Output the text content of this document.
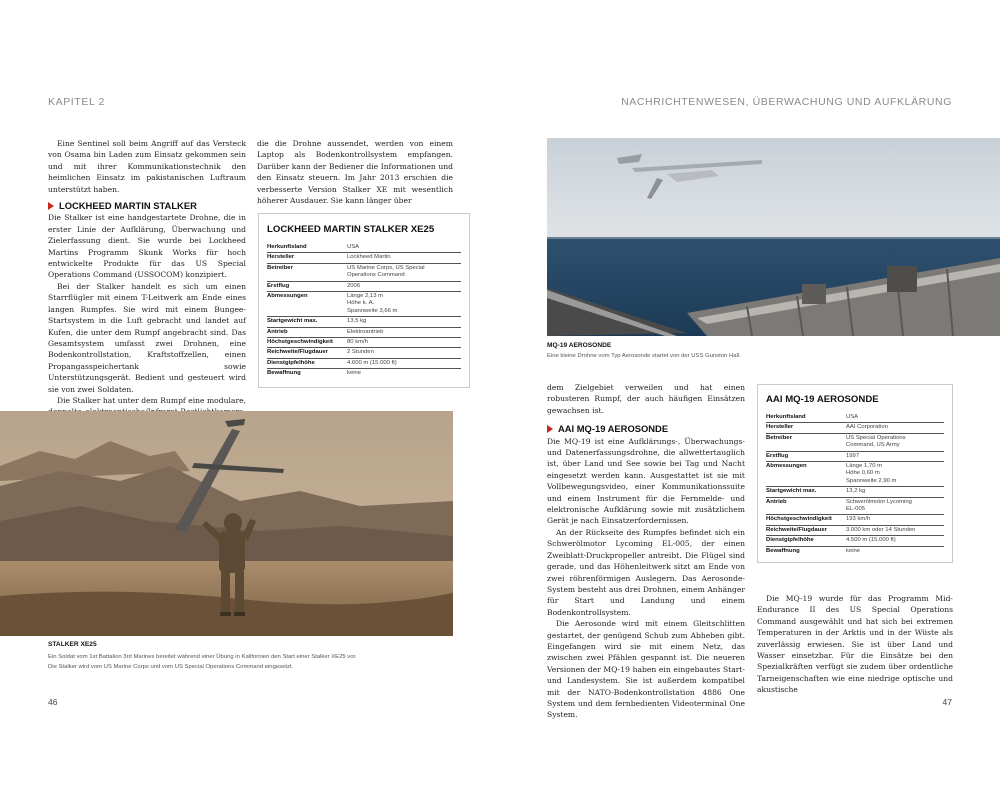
KAPITEL 2	NACHRICHTENWESEN, ÜBERWACHUNG UND AUFKLÄRUNG

Eine Sentinel soll beim Angriff auf das Versteck von Osama bin Laden zum Einsatz gekommen sein und mit ihrer Kommunikationstechnik den heimlichen Einsatz im pakistanischen Luftraum unterstützt haben.

LOCKHEED MARTIN STALKER

Die Stalker ist eine handgestartete Drohne, die in erster Linie der Aufklärung, Überwachung und Zielerfassung dient. Sie wurde bei Lockheed Martins Programm Skunk Works für hoch entwickelte Produkte für das US Special Operations Command (USSOCOM) konzipiert.

Bei der Stalker handelt es sich um einen Starrflügler mit einem T-Leitwerk am Ende eines langen Rumpfes. Sie wird mit einem Bungee-Startsystem in die Luft gebracht und landet auf Kufen, die unter dem Rumpf angebracht sind. Das Gesamtsystem umfasst zwei Drohnen, eine Bodenkontrollstation, Kraftstoffzellen, einen Propangasspeichertank sowie Unterstützungsgerät. Bedient und gesteuert wird sie von zwei Soldaten.

Die Stalker hat unter dem Rumpf eine modulare,

die die Drohne aussendet, werden von einem Laptop als Bodenkontrollsystem empfangen. Darüber kann der Bediener die Informationen und den Einsatz steuern. Im Jahr 2013 erschien die verbesserte Version Stalker XE mit wesentlich höherer Ausdauer. Sie kann länger über

LOCKHEED MARTIN STALKER XE25
Herkunftsland	USA
Hersteller	Lockheed Martin
Betreiber	US Marine Corps, US Special
Operations Command
Erstflug	2006
Abmessungen	Länge 2,13 m
Höhe k. A.
Spannweite 3,66 m
Startgewicht max.	13,5 kg
Antrieb	Elektroantrieb
Höchstgeschwindigkeit	80 km/h
Reichweite/Flugdauer	2 Stunden
Dienstgipfelhöhe	4.600 m (15.000 ft)
Bewaffnung	keine
STALKER XE25
Ein Soldat vom 1st Battalion 3rd Marines bereitet während einer Übung in Kalifornien den Start einer Stalker XE25 vor.
Die Stalker wird vom US Marine Corps und vom US Special Operations Command eingesetzt.
46	47
MQ-19 AEROSONDE
Eine kleine Drohne vom Typ Aerosonde startet von der USS Gunston Hall.

dem Zielgebiet verweilen und hat einen robusteren Rumpf, der auch häufigen Einsätzen gewachsen ist.

AAI MQ-19 AEROSONDE

Die MQ-19 ist eine Aufklärungs-, Überwachungs- und Datenerfassungsdrohne, die allwettertauglich ist, über Land und See sowie bei Tag und Nacht eingesetzt werden kann. Ausgestattet ist sie mit Vollbewegungsvideo, einer Kommunikationssuite und einem Instrument für die Fernmelde- und elektronische Aufklärung sowie mit zusätzlichem Gerät je nach Einsatzerfordernissen.

An der Rückseite des Rumpfes befindet sich ein Schwerölmotor Lycoming EL-005, der einen Zweiblatt-Druckpropeller antreibt. Die Flügel sind gerade, und das Höhenleitwerk sitzt am Ende von zwei röhrenförmigen Auslegern. Das Aerosonde-System besteht aus drei Drohnen, einem Anhänger für Start und Landung und einem Bodenkontrollsystem.

Die Aerosonde wird mit einem Gleitschlitten gestartet, der genügend Schub zum Abheben gibt. Eingefangen wird sie mit einem Netz, das zwischen zwei Pfählen gespannt ist. Die neueren Versionen der MQ-19 haben ein eingebautes Start- und Landesystem. Sie ist außerdem kompatibel mit der NATO-Bodenkontrollstation 4886 One System und dem fernbedienten Videoterminal One System.

AAI MQ-19 AEROSONDE
Herkunftsland	USA
Hersteller	AAI Corporation
Betreiber	US Special Operations
Command, US Army
Erstflug	1997
Abmessungen	Länge 1,70 m
Höhe 0,60 m
Spannweite 2,90 m
Startgewicht max.	13,2 kg
Antrieb	Schwerölmotor Lycoming
EL-005
Höchstgeschwindigkeit	193 km/h
Reichweite/Flugdauer	3.000 km oder 14 Stunden
Dienstgipfelhöhe	4.500 m (15.000 ft)
Bewaffnung	keine

Die MQ-19 wurde für das Programm Mid-Endurance II des US Special Operations Command ausgewählt und hat sich bei extremen Temperaturen in der Arktis und in der Wüste als zuverlässig erwiesen. Sie ist über Land und Wasser einsetzbar. Für die Einsätze bei den Spezialkräften verfügt sie zudem über ordentliche Tarneigenschaften wie eine niedrige optische und akustische
